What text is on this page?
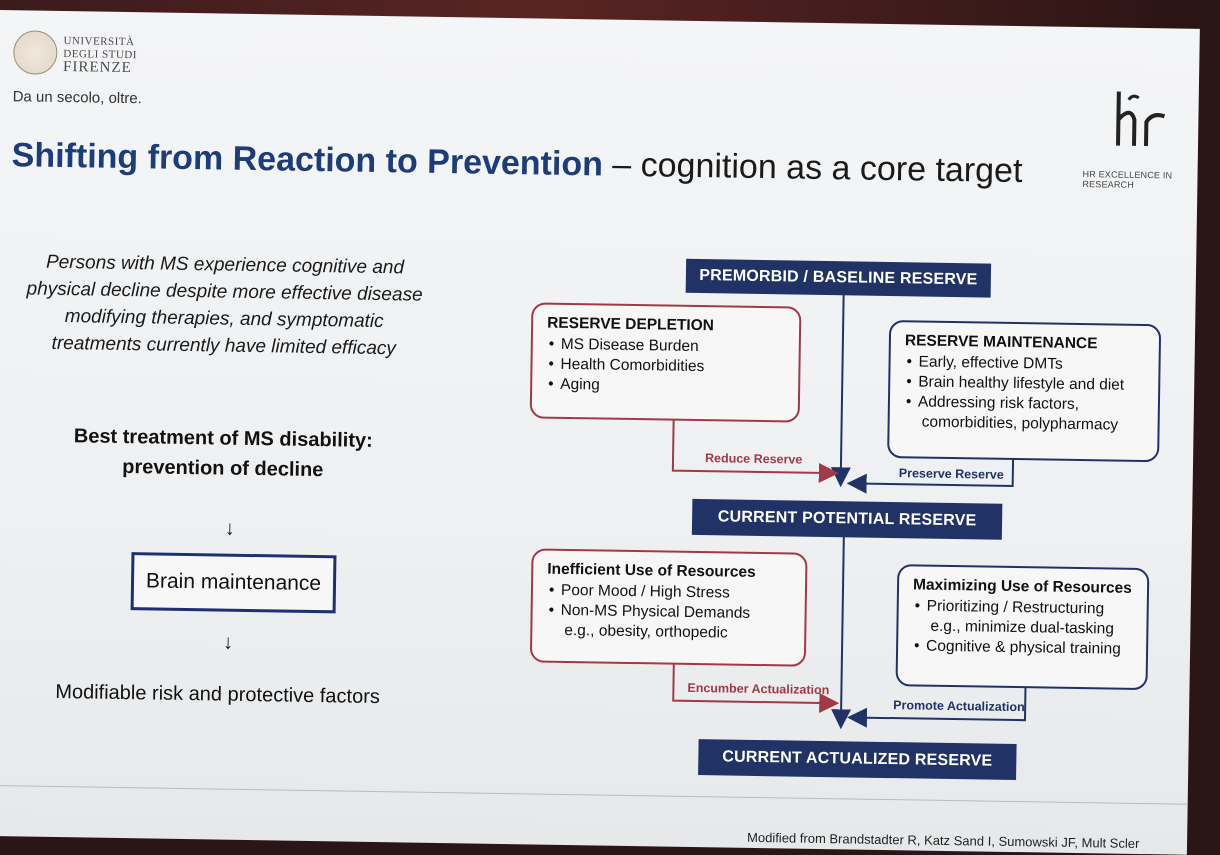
UNIVERSITÀ
DEGLI STUDI
FIRENZE
Da un secolo, oltre.
HR EXCELLENCE IN RESEARCH
Shifting from Reaction to Prevention – cognition as a core target
Persons with MS experience cognitive and physical decline despite more effective disease modifying therapies, and symptomatic treatments currently have limited efficacy
Best treatment of MS disability:
prevention of decline
↓
Brain maintenance
↓
Modifiable risk and protective factors
PREMORBID / BASELINE RESERVE
CURRENT POTENTIAL RESERVE
CURRENT ACTUALIZED RESERVE
RESERVE DEPLETION
• MS Disease Burden
• Health Comorbidities
• Aging
RESERVE MAINTENANCE
• Early, effective DMTs
• Brain healthy lifestyle and diet
• Addressing risk factors,
comorbidities, polypharmacy
Inefficient Use of Resources
• Poor Mood / High Stress
• Non-MS Physical Demands
e.g., obesity, orthopedic
Maximizing Use of Resources
• Prioritizing / Restructuring
e.g., minimize dual-tasking
• Cognitive & physical training
Reduce Reserve
Preserve Reserve
Encumber Actualization
Promote Actualization
Modified from Brandstadter R, Katz Sand I, Sumowski JF, Mult Scler
